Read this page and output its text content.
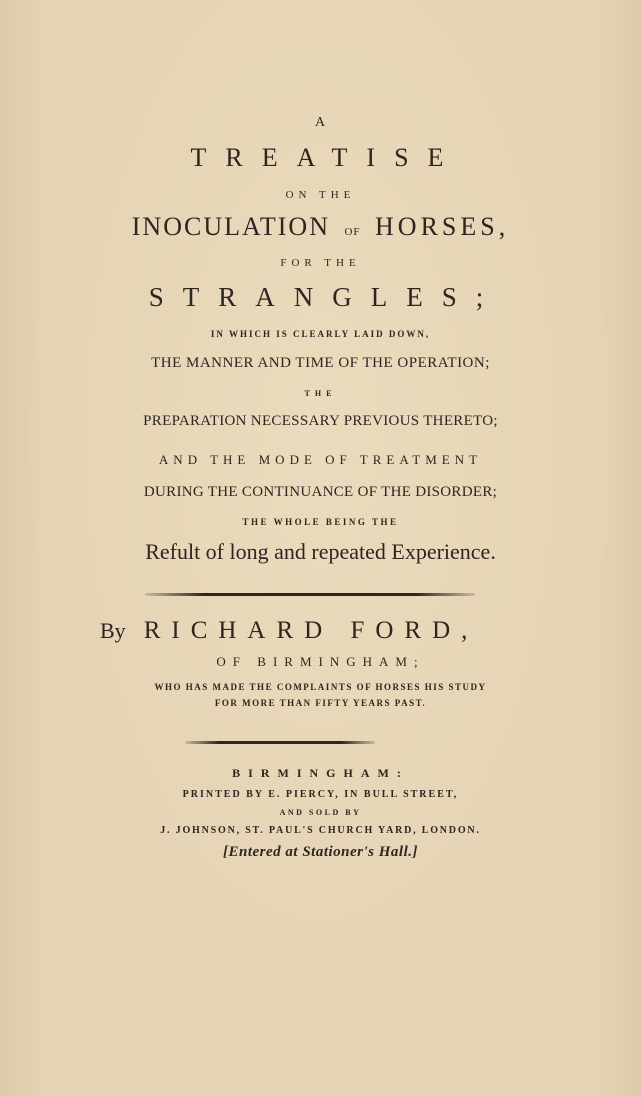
A
TREATISE
ON THE
INOCULATION OF HORSES,
FOR THE
STRANGLES;
IN WHICH IS CLEARLY LAID DOWN,
THE MANNER AND TIME OF THE OPERATION;
THE
PREPARATION NECESSARY PREVIOUS THERETO;
AND THE MODE OF TREATMENT
DURING THE CONTINUANCE OF THE DISORDER;
THE WHOLE BEING THE
Refult of long and repeated Experience.
By RICHARD FORD,
OF BIRMINGHAM;
WHO HAS MADE THE COMPLAINTS OF HORSES HIS STUDY
FOR MORE THAN FIFTY YEARS PAST.
BIRMINGHAM:
PRINTED BY E. PIERCY, IN BULL STREET,
AND SOLD BY
J. JOHNSON, ST. PAUL'S CHURCH YARD, LONDON.
[Entered at Stationer's Hall.]
